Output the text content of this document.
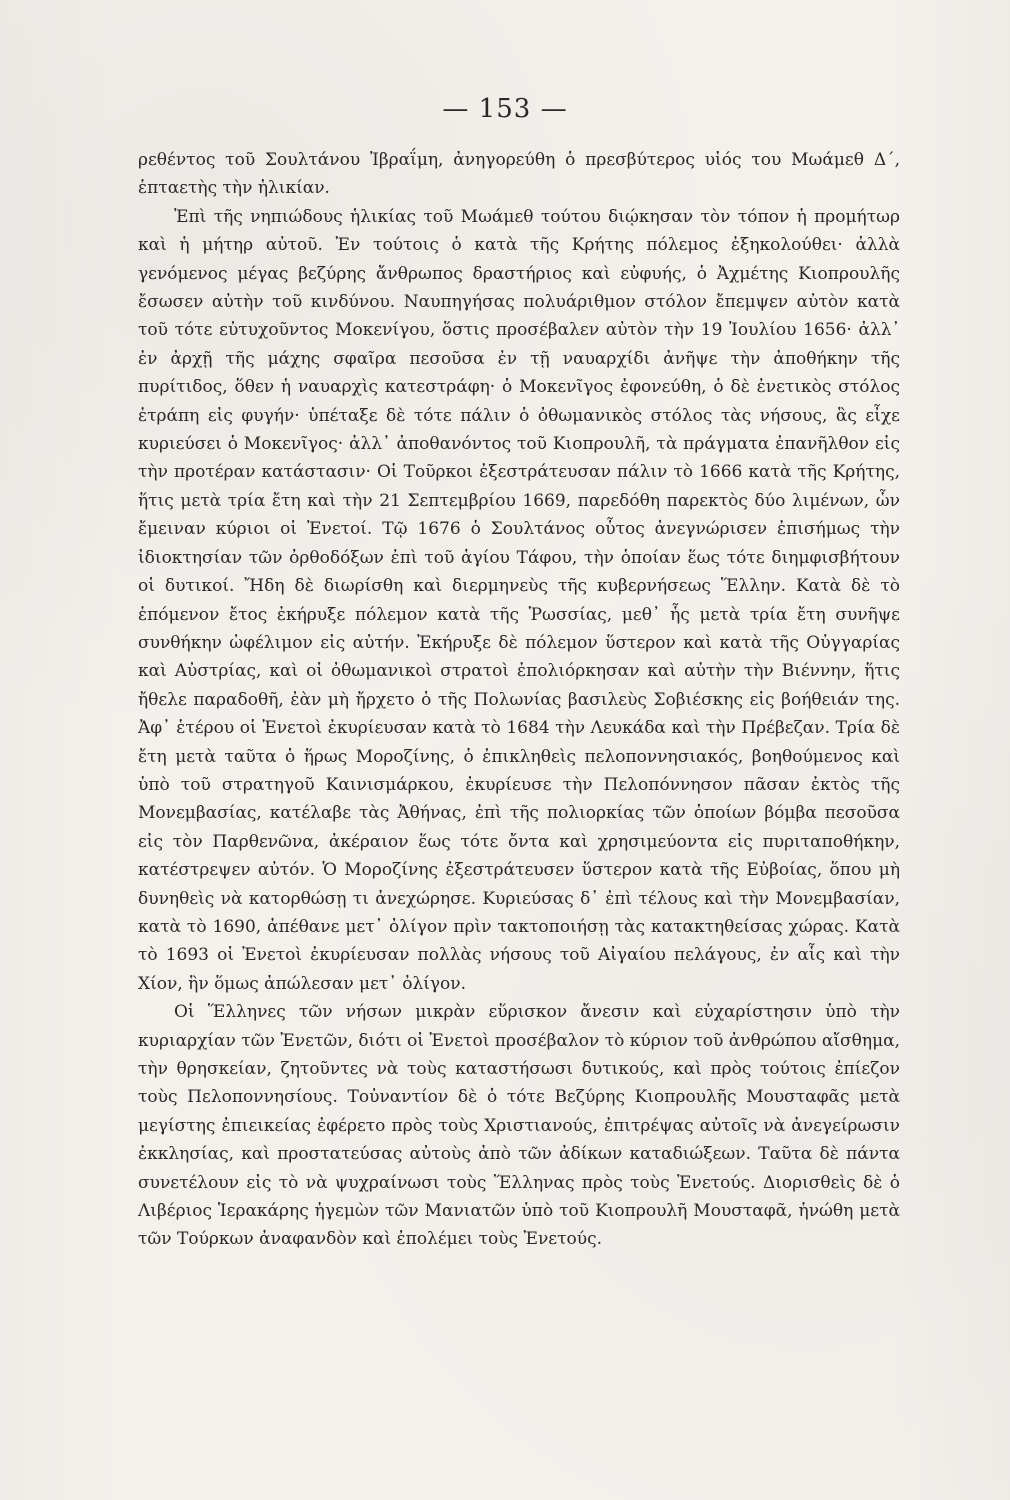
— 153 —

ρεθέντος τοῦ Σουλτάνου Ἰβραΐμη, ἀνηγορεύθη ὁ πρεσβύτερος υἱός του Μωάμεθ Δ΄, ἑπταετὴς τὴν ἡλικίαν.

Ἐπὶ τῆς νηπιώδους ἡλικίας τοῦ Μωάμεθ τούτου διῴκησαν τὸν τόπον ἡ προμήτωρ καὶ ἡ μήτηρ αὐτοῦ. Ἐν τούτοις ὁ κατὰ τῆς Κρήτης πόλεμος ἐξηκολούθει· ἀλλὰ γενόμενος μέγας βεζύρης ἄνθρωπος δραστήριος καὶ εὐφυής, ὁ Ἀχμέτης Κιοπρουλῆς ἔσωσεν αὐτὴν τοῦ κινδύνου. Ναυπηγήσας πολυάριθμον στόλον ἔπεμψεν αὐτὸν κατὰ τοῦ τότε εὐτυχοῦντος Μοκενίγου, ὅστις προσέβαλεν αὐτὸν τὴν 19 Ἰουλίου 1656· ἀλλ᾽ ἐν ἀρχῇ τῆς μάχης σφαῖρα πεσοῦσα ἐν τῇ ναυαρχίδι ἀνῆψε τὴν ἀποθήκην τῆς πυρίτιδος, ὅθεν ἡ ναυαρχὶς κατεστράφη· ὁ Μοκενῖγος ἐφονεύθη, ὁ δὲ ἐνετικὸς στόλος ἐτράπη εἰς φυγήν· ὑπέταξε δὲ τότε πάλιν ὁ ὀθωμανικὸς στόλος τὰς νήσους, ἃς εἶχε κυριεύσει ὁ Μοκενῖγος· ἀλλ᾽ ἀποθανόντος τοῦ Κιοπρουλῆ, τὰ πράγματα ἐπανῆλθον εἰς τὴν προτέραν κατάστασιν· Οἱ Τοῦρκοι ἐξεστράτευσαν πάλιν τὸ 1666 κατὰ τῆς Κρήτης, ἥτις μετὰ τρία ἔτη καὶ τὴν 21 Σεπτεμβρίου 1669, παρεδόθη παρεκτὸς δύο λιμένων, ὧν ἔμειναν κύριοι οἱ Ἐνετοί. Τῷ 1676 ὁ Σουλτάνος οὗτος ἀνεγνώρισεν ἐπισήμως τὴν ἰδιοκτησίαν τῶν ὀρθοδόξων ἐπὶ τοῦ ἁγίου Τάφου, τὴν ὁποίαν ἕως τότε διημφισβήτουν οἱ δυτικοί. Ἤδη δὲ διωρίσθη καὶ διερμηνεὺς τῆς κυβερνήσεως Ἕλλην. Κατὰ δὲ τὸ ἑπόμενον ἔτος ἐκήρυξε πόλεμον κατὰ τῆς Ῥωσσίας, μεθ᾽ ἧς μετὰ τρία ἔτη συνῆψε συνθήκην ὠφέλιμον εἰς αὐτήν. Ἐκήρυξε δὲ πόλεμον ὕστερον καὶ κατὰ τῆς Οὐγγαρίας καὶ Αὐστρίας, καὶ οἱ ὀθωμανικοὶ στρατοὶ ἐπολιόρκησαν καὶ αὐτὴν τὴν Βιέννην, ἥτις ἤθελε παραδοθῆ, ἐὰν μὴ ἤρχετο ὁ τῆς Πολωνίας βασιλεὺς Σοβιέσκης εἰς βοήθειάν της. Ἀφ᾽ ἑτέρου οἱ Ἐνετοὶ ἐκυρίευσαν κατὰ τὸ 1684 τὴν Λευκάδα καὶ τὴν Πρέβεζαν. Τρία δὲ ἔτη μετὰ ταῦτα ὁ ἥρως Μοροζίνης, ὁ ἐπικληθεὶς πελοποννησιακός, βοηθούμενος καὶ ὑπὸ τοῦ στρατηγοῦ Καινισμάρκου, ἐκυρίευσε τὴν Πελοπόννησον πᾶσαν ἐκτὸς τῆς Μονεμβασίας, κατέλαβε τὰς Ἀθήνας, ἐπὶ τῆς πολιορκίας τῶν ὁποίων βόμβα πεσοῦσα εἰς τὸν Παρθενῶνα, ἀκέραιον ἕως τότε ὄντα καὶ χρησιμεύοντα εἰς πυριταποθήκην, κατέστρεψεν αὐτόν. Ὁ Μοροζίνης ἐξεστράτευσεν ὕστερον κατὰ τῆς Εὐβοίας, ὅπου μὴ δυνηθεὶς νὰ κατορθώσῃ τι ἀνεχώρησε. Κυριεύσας δ᾽ ἐπὶ τέλους καὶ τὴν Μονεμβασίαν, κατὰ τὸ 1690, ἀπέθανε μετ᾽ ὀλίγον πρὶν τακτοποιήσῃ τὰς κατακτηθείσας χώρας. Κατὰ τὸ 1693 οἱ Ἐνετοὶ ἐκυρίευσαν πολλὰς νήσους τοῦ Αἰγαίου πελάγους, ἐν αἷς καὶ τὴν Χίον, ἣν ὅμως ἀπώλεσαν μετ᾽ ὀλίγον.

Οἱ Ἕλληνες τῶν νήσων μικρὰν εὕρισκον ἄνεσιν καὶ εὐχαρίστησιν ὑπὸ τὴν κυριαρχίαν τῶν Ἐνετῶν, διότι οἱ Ἐνετοὶ προσέβαλον τὸ κύριον τοῦ ἀνθρώπου αἴσθημα, τὴν θρησκείαν, ζητοῦντες νὰ τοὺς καταστήσωσι δυτικούς, καὶ πρὸς τούτοις ἐπίεζον τοὺς Πελοποννησίους. Τοὐναντίον δὲ ὁ τότε Βεζύρης Κιοπρουλῆς Μουσταφᾶς μετὰ μεγίστης ἐπιεικείας ἐφέρετο πρὸς τοὺς Χριστιανούς, ἐπιτρέψας αὐτοῖς νὰ ἀνεγείρωσιν ἐκκλησίας, καὶ προστατεύσας αὐτοὺς ἀπὸ τῶν ἀδίκων καταδιώξεων. Ταῦτα δὲ πάντα συνετέλουν εἰς τὸ νὰ ψυχραίνωσι τοὺς Ἕλληνας πρὸς τοὺς Ἐνετούς. Διορισθεὶς δὲ ὁ Λιβέριος Ἱερακάρης ἡγεμὼν τῶν Μανιατῶν ὑπὸ τοῦ Κιοπρουλῆ Μουσταφᾶ, ἡνώθη μετὰ τῶν Τούρκων ἀναφανδὸν καὶ ἐπολέμει τοὺς Ἐνετούς.
